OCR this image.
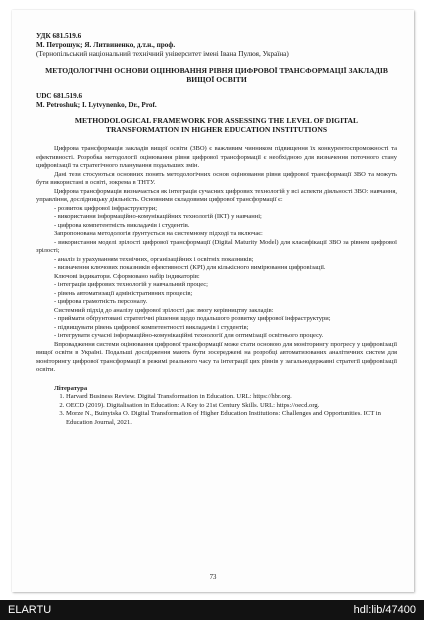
УДК 681.519.6
М. Петрошук; Я. Литвиненко, д.т.н., проф.
(Тернопільський національний технічний університет імені Івана Пулюя, Україна)
МЕТОДОЛОГІЧНІ ОСНОВИ ОЦІНЮВАННЯ РІВНЯ ЦИФРОВОЇ ТРАНСФОРМАЦІЇ ЗАКЛАДІВ ВИЩОЇ ОСВІТИ
UDC 681.519.6
M. Petroshuk; I. Lytvynenko, Dr., Prof.
METHODOLOGICAL FRAMEWORK FOR ASSESSING THE LEVEL OF DIGITAL TRANSFORMATION IN HIGHER EDUCATION INSTITUTIONS

Цифрова трансформація закладів вищої освіти (ЗВО) є важливим чинником підвищення їх конкурентоспроможності та ефективності. Розробка методології оцінювання рівня цифрової трансформації є необхідною для визначення поточного стану цифровізації та стратегічного планування подальших змін.

Дані тези стосуються основних понять методологічних основ оцінювання рівня цифрової трансформації ЗВО та можуть бути використані в освіті, зокрема в ТНТУ.

Цифрова трансформація визначається як інтеграція сучасних цифрових технологій у всі аспекти діяльності ЗВО: навчання, управління, дослідницьку діяльність. Основними складовими цифрової трансформації є:

- розвиток цифрової інфраструктури;

- використання інформаційно-комунікаційних технологій (ІКТ) у навчанні;

- цифрова компетентність викладачів і студентів.

Запропонована методологія ґрунтується на системному підході та включає:

- використання моделі зрілості цифрової трансформації (Digital Maturity Model) для класифікації ЗВО за рівнем цифрової зрілості;

- аналіз із урахуванням технічних, організаційних і освітніх показників;

- визначення ключових показників ефективності (KPI) для кількісного вимірювання цифровізації.

Ключові індикатори. Сформовано набір індикаторів:

- інтеграція цифрових технологій у навчальний процес;

- рівень автоматизації адміністративних процесів;

- цифрова грамотність персоналу.

Системний підхід до аналізу цифрової зрілості дає змогу керівництву закладів:

- приймати обґрунтовані стратегічні рішення щодо подальшого розвитку цифрової інфраструктури;

- підвищувати рівень цифрової компетентності викладачів і студентів;

- інтегрувати сучасні інформаційно-комунікаційні технології для оптимізації освітнього процесу.

Впровадження системи оцінювання цифрової трансформації може стати основою для моніторингу прогресу у цифровізації вищої освіти в Україні. Подальші дослідження мають бути зосереджені на розробці автоматизованих аналітичних систем для моніторингу цифрової трансформації в режимі реального часу та інтеграції цих рівнів у загальнодержавні стратегії цифровізації освіти.

Література
1. Harvard Business Review. Digital Transformation in Education. URL: https://hbr.org.
2. OECD (2019). Digitalisation in Education: A Key to 21st Century Skills. URL: https://oecd.org.
3. Morze N., Buinytska O. Digital Transformation of Higher Education Institutions: Challenges and Opportunities. ICT in Education Journal, 2021.
73
ELARTU	hdl:lib/47400
